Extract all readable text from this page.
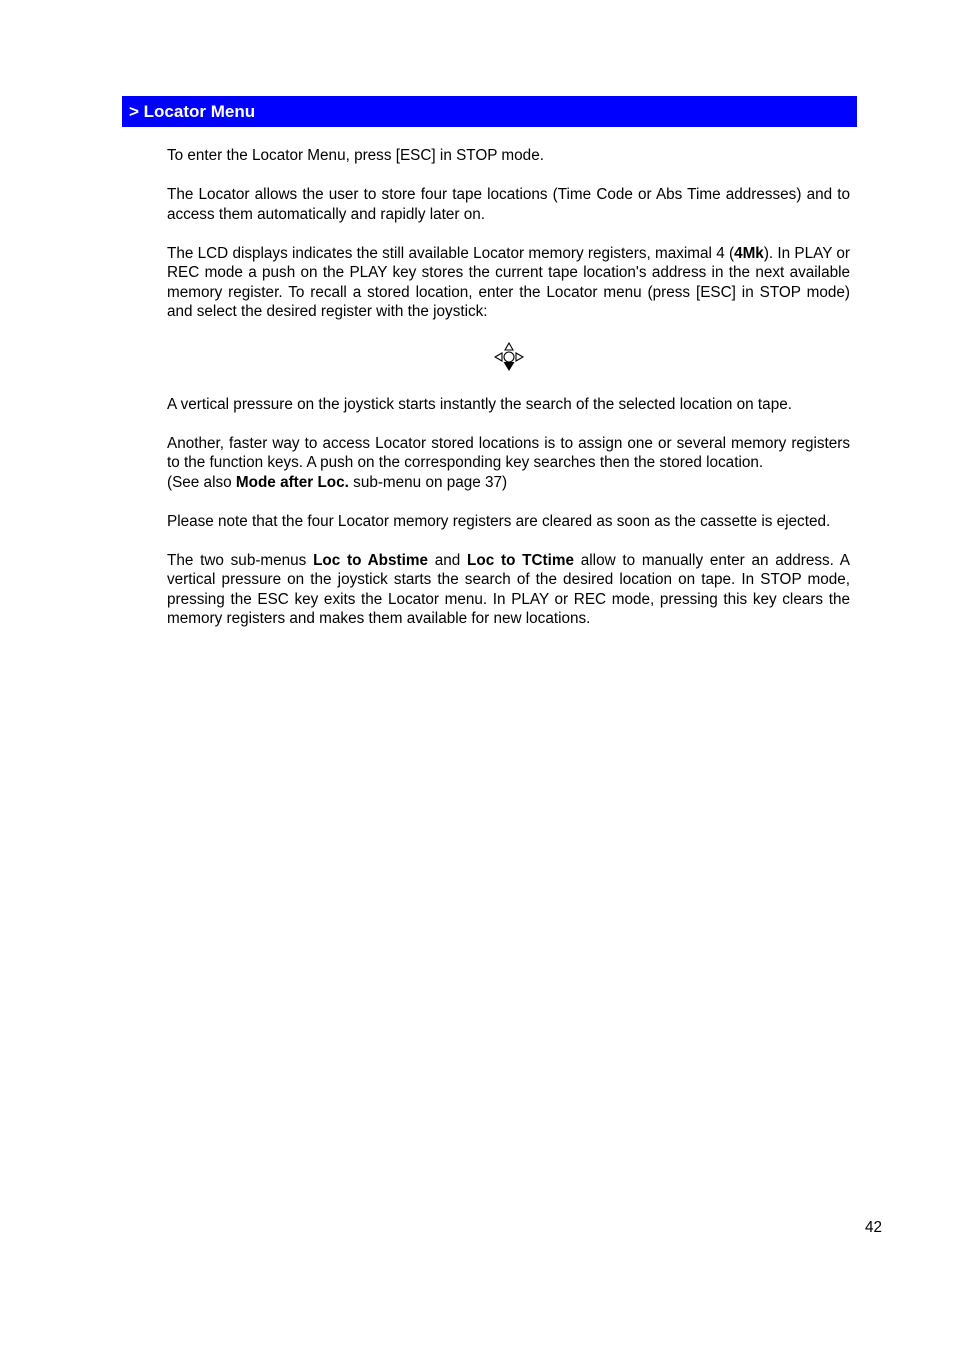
> Locator Menu

To enter the Locator Menu, press [ESC] in STOP mode.

The Locator allows the user to store four tape locations (Time Code or Abs Time addresses) and to access them automatically and rapidly later on.

The LCD displays indicates the still available Locator memory registers, maximal 4 (4Mk). In PLAY or REC mode a push on the PLAY key stores the current tape location's address in the next available memory register. To recall a stored location, enter the Locator menu (press [ESC] in STOP mode) and select the desired register with the joystick:

A vertical pressure on the joystick starts instantly the search of the selected location on tape.

Another, faster way to access Locator stored locations is to assign one or several memory registers to the function keys. A push on the corresponding key searches then the stored location.

(See also Mode after Loc. sub-menu on page 37)

Please note that the four Locator memory registers are cleared as soon as the cassette is ejected.

The two sub-menus Loc to Abstime and Loc to TCtime allow to manually enter an address. A vertical pressure on the joystick starts the search of the desired location on tape. In STOP mode, pressing the ESC key exits the Locator menu. In PLAY or REC mode, pressing this key clears the memory registers and makes them available for new locations.

42
